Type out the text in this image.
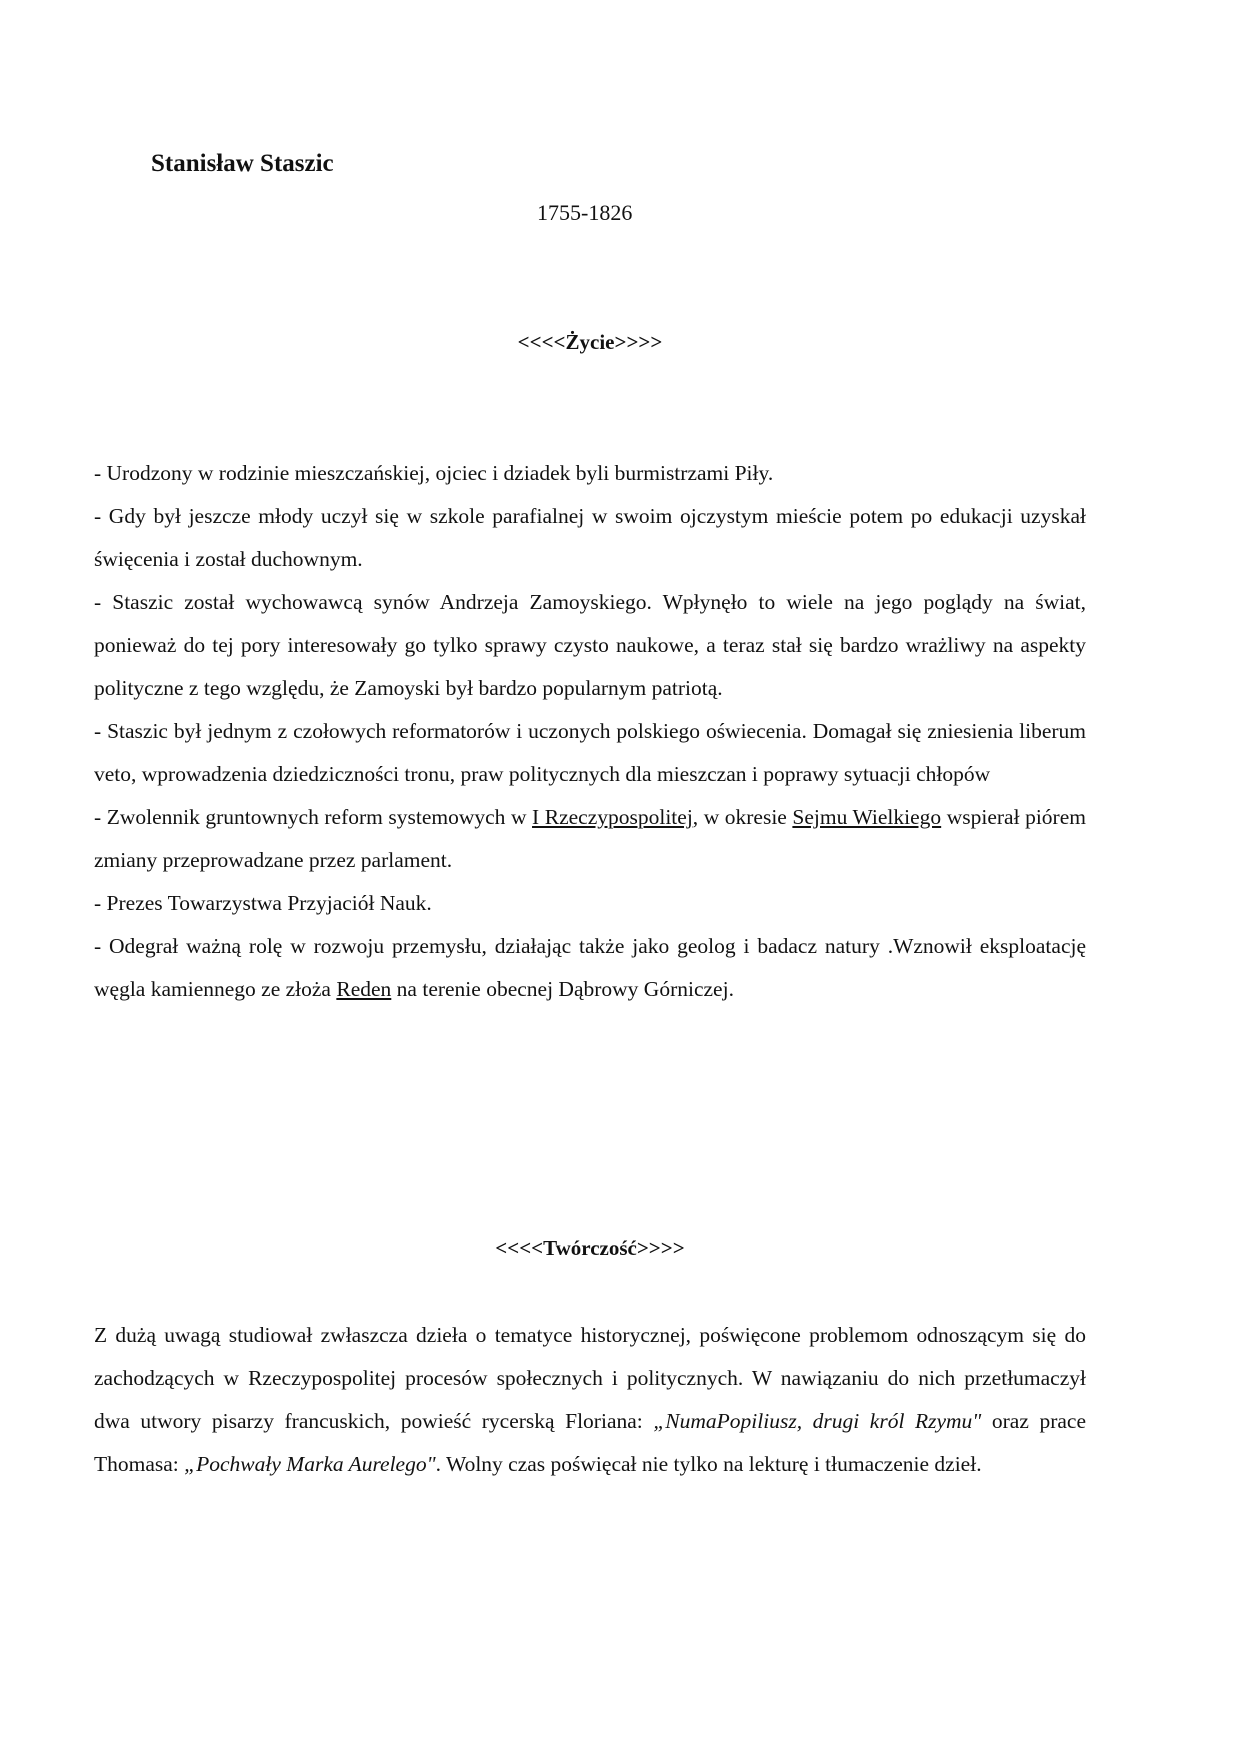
Stanisław Staszic
1755-1826
<<<<Życie>>>>

- Urodzony w rodzinie mieszczańskiej, ojciec i dziadek byli burmistrzami Piły.

- Gdy był jeszcze młody uczył się w szkole parafialnej w swoim ojczystym mieście potem po edukacji uzyskał święcenia i został duchownym.

- Staszic został wychowawcą synów Andrzeja Zamoyskiego. Wpłynęło to wiele na jego poglądy na świat, ponieważ do tej pory interesowały go tylko sprawy czysto naukowe, a teraz stał się bardzo wrażliwy na aspekty polityczne z tego względu, że Zamoyski był bardzo popularnym patriotą.

- Staszic był jednym z czołowych reformatorów i uczonych polskiego oświecenia. Domagał się zniesienia liberum veto, wprowadzenia dziedziczności tronu, praw politycznych dla mieszczan i poprawy sytuacji chłopów

- Zwolennik gruntownych reform systemowych w I Rzeczypospolitej, w okresie Sejmu Wielkiego wspierał piórem zmiany przeprowadzane przez parlament.

- Prezes Towarzystwa Przyjaciół Nauk.

- Odegrał ważną rolę w rozwoju przemysłu, działając także jako geolog i badacz natury .Wznowił eksploatację węgla kamiennego ze złoża Reden na terenie obecnej Dąbrowy Górniczej.

<<<<Twórczość>>>>

Z dużą uwagą studiował zwłaszcza dzieła o tematyce historycznej, poświęcone problemom odnoszącym się do zachodzących w Rzeczypospolitej procesów społecznych i politycznych. W nawiązaniu do nich przetłumaczył dwa utwory pisarzy francuskich, powieść rycerską Floriana: „NumaPopiliusz, drugi król Rzymu" oraz prace Thomasa: „Pochwały Marka Aurelego". Wolny czas poświęcał nie tylko na lekturę i tłumaczenie dzieł.
